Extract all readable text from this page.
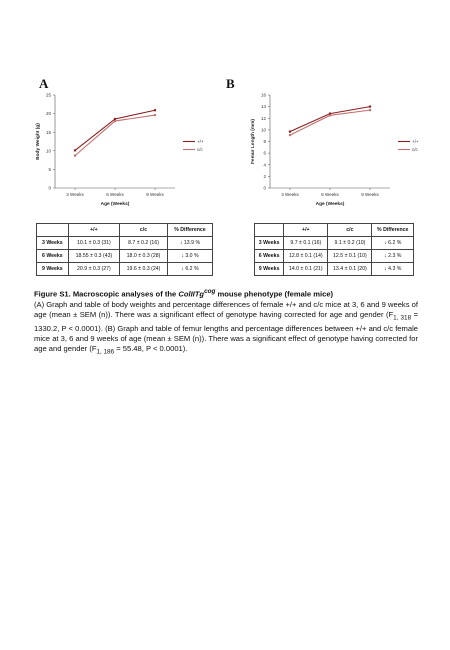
A	B
0
5
10
15
20
25
3 Weeks	6 Weeks	9 Weeks
Age (Weeks)
Body Weight (g)	+/+
c/c
0
2
4
6
8
10
12
14
16
3 Weeks	6 Weeks	9 Weeks
Age (Weeks)
Femur Length (mm)	+/+
c/c
	+/+	c/c	% Difference
3 Weeks	10.1 ± 0.3 (31)	8.7 ± 0.2 (16)	↓ 13.9 %
6 Weeks	18.55 ± 0.3 (43)	18.0 ± 0.3 (28)	↓ 3.0 %
9 Weeks	20.9 ± 0.3 (27)	19.6 ± 0.3 (24)	↓ 6.2 %
	+/+	c/c	% Difference
3 Weeks	9.7 ± 0.1 (16)	9.1 ± 0.2 (10)	↓ 6.2 %
6 Weeks	12.8 ± 0.1 (14)	12.5 ± 0.1 (10)	↓ 2.3 %
9 Weeks	14.0 ± 0.1 (21)	13.4 ± 0.1 (20)	↓ 4.3 %

Figure S1. Macroscopic analyses of the ColIITg$^{cog}$ mouse phenotype (female mice)

(A) Graph and table of body weights and percentage differences of female +/+ and c/c mice at 3, 6 and 9 weeks of age (mean ± SEM (n)). There was a significant effect of genotype having corrected for age and gender ($F_{1, 318} = 1330.2$, P < 0.0001). (B) Graph and table of femur lengths and percentage differences between +/+ and c/c female mice at 3, 6 and 9 weeks of age (mean ± SEM (n)). There was a significant effect of genotype having corrected for age and gender ($F_{1, 186} = 55.48$, P < 0.0001).
